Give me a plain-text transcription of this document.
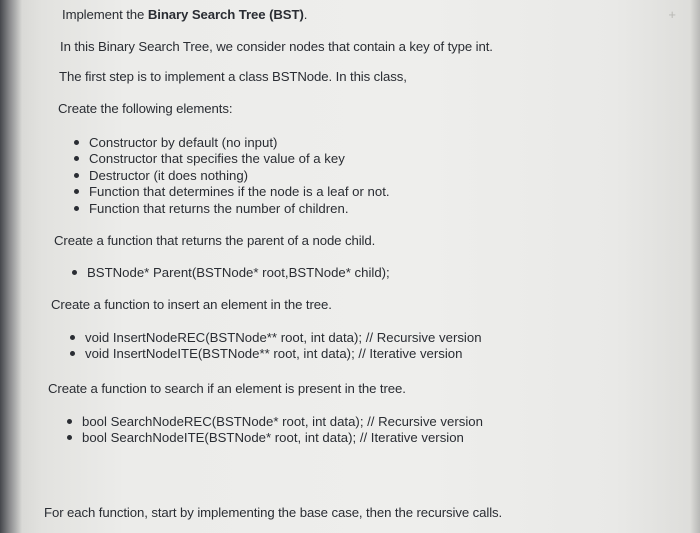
+
Implement the Binary Search Tree (BST).
In this Binary Search Tree, we consider nodes that contain a key of type int.
The first step is to implement a class BSTNode. In this class,
Create the following elements:
Constructor by default (no input)
Constructor that specifies the value of a key
Destructor (it does nothing)
Function that determines if the node is a leaf or not.
Function that returns the number of children.
Create a function that returns the parent of a node child.
BSTNode* Parent(BSTNode* root,BSTNode* child);
Create a function to insert an element in the tree.
void InsertNodeREC(BSTNode** root, int data); // Recursive version
void InsertNodeITE(BSTNode** root, int data); // Iterative version
Create a function to search if an element is present in the tree.
bool SearchNodeREC(BSTNode* root, int data); // Recursive version
bool SearchNodeITE(BSTNode* root, int data); // Iterative version
For each function, start by implementing the base case, then the recursive calls.
